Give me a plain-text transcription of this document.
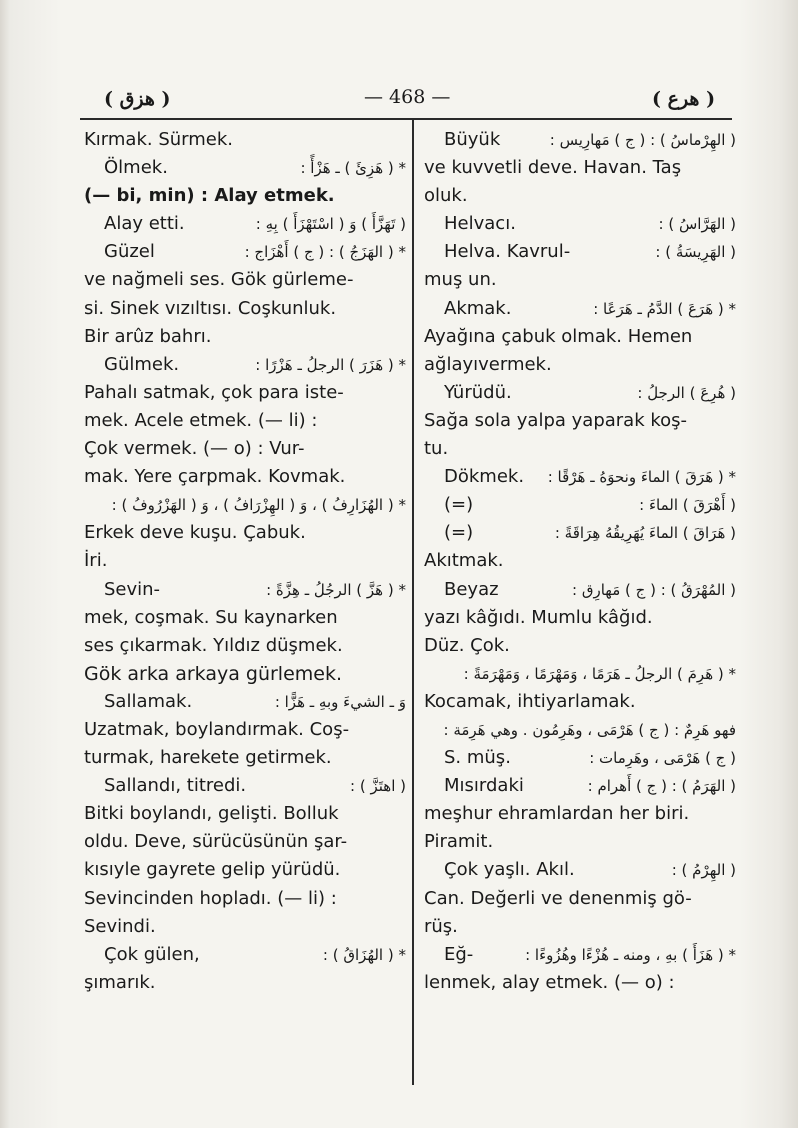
( هزق )	— 468 —	( هرع )
Kırmak. Sürmek.
Ölmek.	* ( هَزِئَ ) ـ هَزْأً :
(— bi, min) : Alay etmek.
Alay etti.	( تَهَزَّأَ ) وَ ( اسْتَهْزَأَ ) بِهِ :
Güzel	* ( الهَزَجُ ) : ( ج ) أَهْزَاج :
ve nağmeli ses. Gök gürleme-
si. Sinek vızıltısı. Coşkunluk.
Bir arûz bahrı.
Gülmek.	* ( هَزَرَ ) الرجلُ ـ هَزْرًا :
Pahalı satmak, çok para iste-
mek. Acele etmek. (— li) :
Çok vermek. (— o) : Vur-
mak. Yere çarpmak. Kovmak.
* ( الهُزَارِفُ ) ، وَ ( الهِزْرَافُ ) ، وَ ( الهَزْرُوفُ ) :
Erkek deve kuşu. Çabuk.
İri.
Sevin-	* ( هَزَّ ) الرجُلُ ـ هِزَّةً :
mek, coşmak. Su kaynarken
ses çıkarmak. Yıldız düşmek.
Gök arka arkaya gürlemek.
Sallamak.	وَ ـ الشيءَ وبهِ ـ هَزًّا :
Uzatmak, boylandırmak. Coş-
turmak, harekete getirmek.
Sallandı, titredi.	( اهتَزَّ ) :
Bitki boylandı, gelişti. Bolluk
oldu. Deve, sürücüsünün şar-
kısıyle gayrete gelip yürüdü.
Sevincinden hopladı. (— li) :
Sevindi.
Çok gülen,	* ( الهُزَاقُ ) :
şımarık.
Büyük	( الهِرْماسُ ) : ( ج ) مَهارِيس :
ve kuvvetli deve. Havan. Taş
oluk.
Helvacı.	( الهَرَّاسُ ) :
Helva. Kavrul-	( الهَرِيسَةُ ) :
muş un.
Akmak.	* ( هَرَعَ ) الدَّمُ ـ هَرَعًا :
Ayağına çabuk olmak. Hemen
ağlayıvermek.
Yürüdü.	( هُرِعَ ) الرجلُ :
Sağa sola yalpa yaparak koş-
tu.
Dökmek. * ( هَرَقَ ) الماءَ ونحوَهُ ـ هَرْقًا :
(=)	( أَهْرَقَ ) الماءَ :
(=)	( هَرَاقَ ) الماءَ يُهَرِيقُهُ هِرَاقَةً :
Akıtmak.
Beyaz	( المُهْرَقُ ) : ( ج ) مَهارِق :
yazı kâğıdı. Mumlu kâğıd.
Düz. Çok.
* ( هَرِمَ ) الرجلُ ـ هَرَمًا ، وَمَهْرَمًا ، وَمَهْرَمَةً :
Kocamak, ihtiyarlamak.
فهو هَرِمٌ : ( ج ) هَرْمَى ، وهَرِمُون . وهي هَرِمَة :
S. müş.	( ج ) هَرْمَى ، وهَرِمات :
Mısırdaki	( الهَرَمُ ) : ( ج ) أَهرام :
meşhur ehramlardan her biri.
Piramit.
Çok yaşlı. Akıl.	( الهِرْمُ ) :
Can. Değerli ve denenmiş gö-
rüş.
Eğ-	* ( هَزَأَ ) بهِ ، ومنه ـ هُزْءًا وهُزُوءًا :
lenmek, alay etmek. (— o) :
